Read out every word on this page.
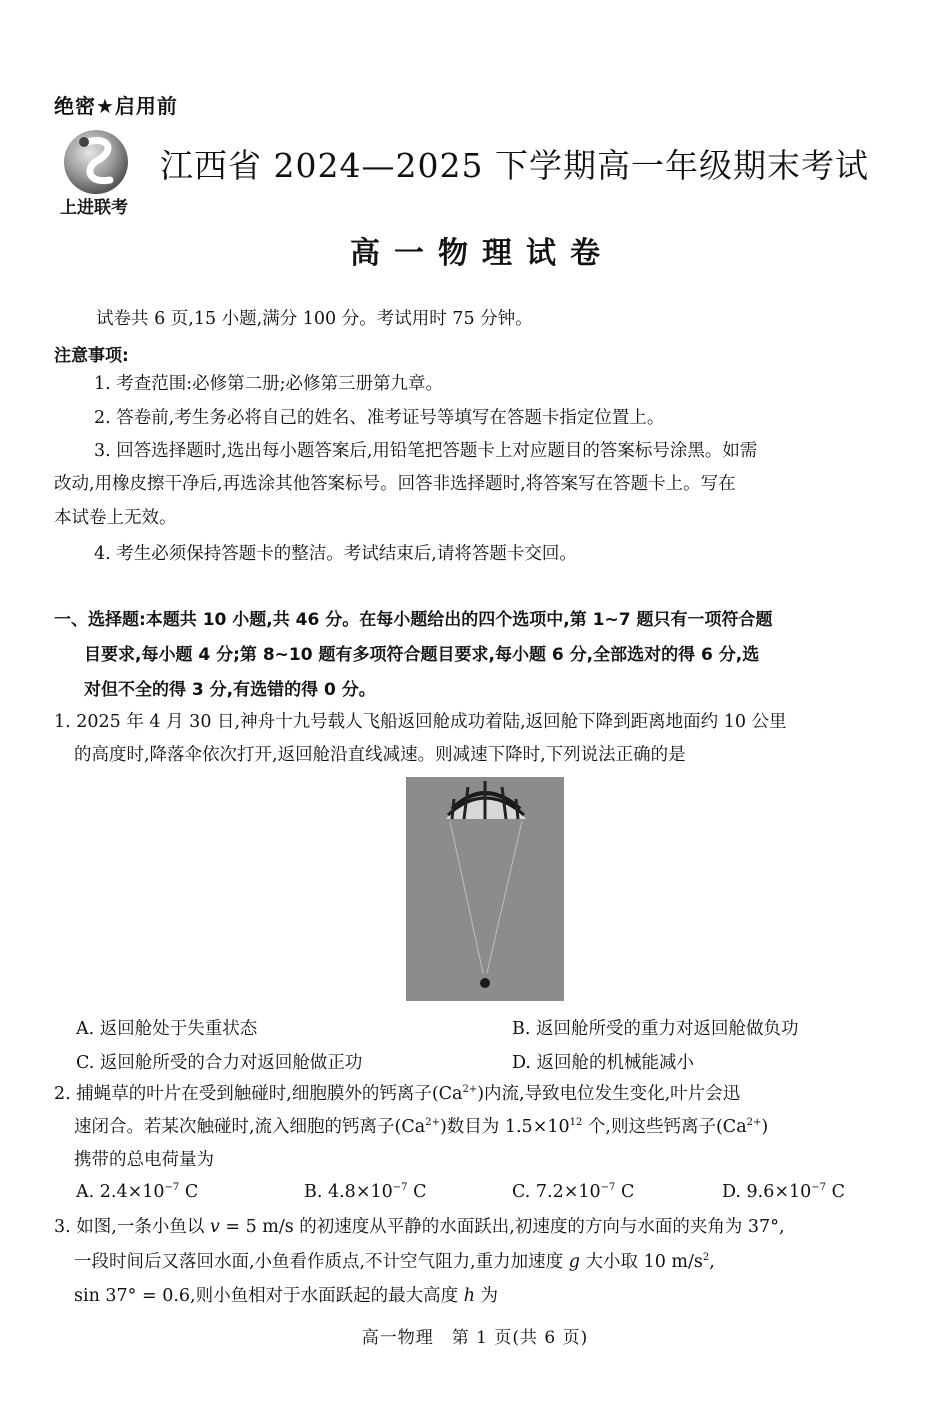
绝密★启用前
上进联考
江西省 2024—2025 下学期高一年级期末考试
高一物理试卷
试卷共 6 页,15 小题,满分 100 分。考试用时 75 分钟。
注意事项:
1. 考查范围:必修第二册;必修第三册第九章。
2. 答卷前,考生务必将自己的姓名、准考证号等填写在答题卡指定位置上。
3. 回答选择题时,选出每小题答案后,用铅笔把答题卡上对应题目的答案标号涂黑。如需
改动,用橡皮擦干净后,再选涂其他答案标号。回答非选择题时,将答案写在答题卡上。写在
本试卷上无效。
4. 考生必须保持答题卡的整洁。考试结束后,请将答题卡交回。
一、选择题:本题共 10 小题,共 46 分。在每小题给出的四个选项中,第 1~7 题只有一项符合题
目要求,每小题 4 分;第 8~10 题有多项符合题目要求,每小题 6 分,全部选对的得 6 分,选
对但不全的得 3 分,有选错的得 0 分。
1. 2025 年 4 月 30 日,神舟十九号载人飞船返回舱成功着陆,返回舱下降到距离地面约 10 公里
的高度时,降落伞依次打开,返回舱沿直线减速。则减速下降时,下列说法正确的是
A. 返回舱处于失重状态	B. 返回舱所受的重力对返回舱做负功
C. 返回舱所受的合力对返回舱做正功	D. 返回舱的机械能减小
2. 捕蝇草的叶片在受到触碰时,细胞膜外的钙离子$(Ca^{2+})$内流,导致电位发生变化,叶片会迅
速闭合。若某次触碰时,流入细胞的钙离子$(Ca^{2+})$数目为 $1.5\times 10^{12}$ 个,则这些钙离子$(Ca^{2+})$
携带的总电荷量为
A. $2.4\times 10^{-7}$ C	B. $4.8\times 10^{-7}$ C	C. $7.2\times 10^{-7}$ C	D. $9.6\times 10^{-7}$ C
3. 如图,一条小鱼以 v = 5 m/s 的初速度从平静的水面跃出,初速度的方向与水面的夹角为 37°,
一段时间后又落回水面,小鱼看作质点,不计空气阻力,重力加速度 g 大小取 10 $m/s^2$,
sin 37° = 0.6,则小鱼相对于水面跃起的最大高度 h 为
高一物理　第 1 页(共 6 页)
